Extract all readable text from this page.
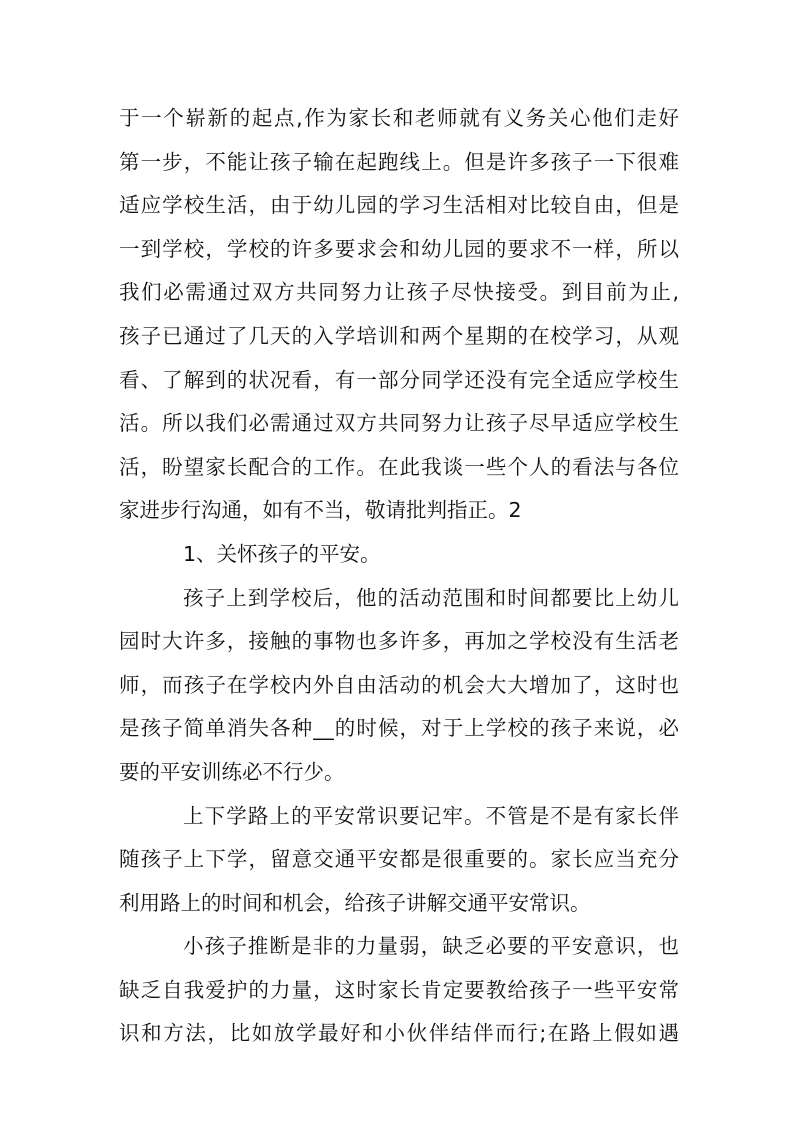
于一个崭新的起点,作为家长和老师就有义务关心他们走好
第一步，不能让孩子输在起跑线上。但是许多孩子一下很难
适应学校生活，由于幼儿园的学习生活相对比较自由，但是
一到学校，学校的许多要求会和幼儿园的要求不一样，所以
我们必需通过双方共同努力让孩子尽快接受。到目前为止,
孩子已通过了几天的入学培训和两个星期的在校学习，从观
看、了解到的状况看，有一部分同学还没有完全适应学校生
活。所以我们必需通过双方共同努力让孩子尽早适应学校生
活，盼望家长配合的工作。在此我谈一些个人的看法与各位
家进步行沟通，如有不当，敬请批判指正。2
1、关怀孩子的平安。
孩子上到学校后，他的活动范围和时间都要比上幼儿
园时大许多，接触的事物也多许多，再加之学校没有生活老
师，而孩子在学校内外自由活动的机会大大增加了，这时也
是孩子简单消失各种__的时候，对于上学校的孩子来说，必
要的平安训练必不行少。
上下学路上的平安常识要记牢。不管是不是有家长伴
随孩子上下学，留意交通平安都是很重要的。家长应当充分
利用路上的时间和机会，给孩子讲解交通平安常识。
小孩子推断是非的力量弱，缺乏必要的平安意识，也
缺乏自我爱护的力量，这时家长肯定要教给孩子一些平安常
识和方法，比如放学最好和小伙伴结伴而行;在路上假如遇
